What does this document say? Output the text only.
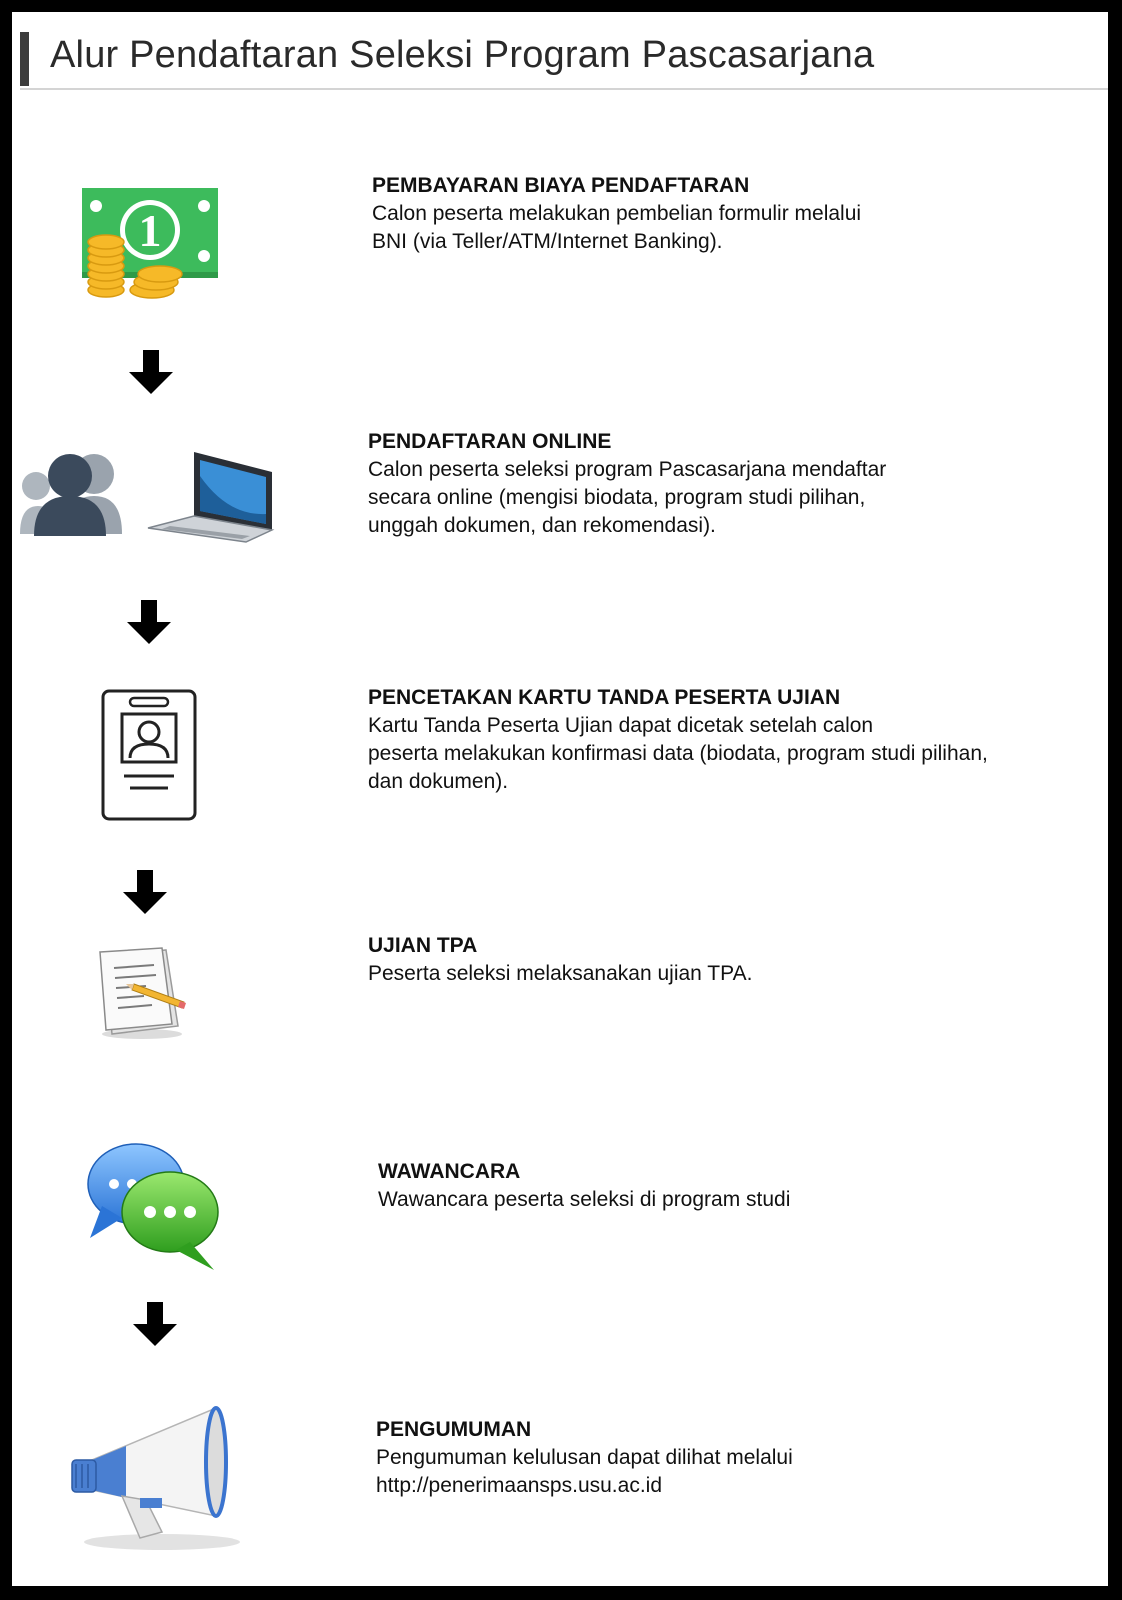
Alur Pendaftaran Seleksi Program Pascasarjana
1
PEMBAYARAN BIAYA PENDAFTARAN
Calon peserta melakukan pembelian formulir melalui
BNI (via Teller/ATM/Internet Banking).
PENDAFTARAN ONLINE
Calon peserta seleksi program Pascasarjana mendaftar
secara online (mengisi biodata, program studi pilihan,
unggah dokumen, dan rekomendasi).
PENCETAKAN KARTU TANDA PESERTA UJIAN
Kartu Tanda Peserta Ujian dapat dicetak setelah calon
peserta melakukan konfirmasi data (biodata, program studi pilihan,
dan dokumen).
UJIAN TPA
Peserta seleksi melaksanakan ujian TPA.
WAWANCARA
Wawancara peserta seleksi di program studi
PENGUMUMAN
Pengumuman kelulusan dapat dilihat melalui
http://penerimaansps.usu.ac.id
